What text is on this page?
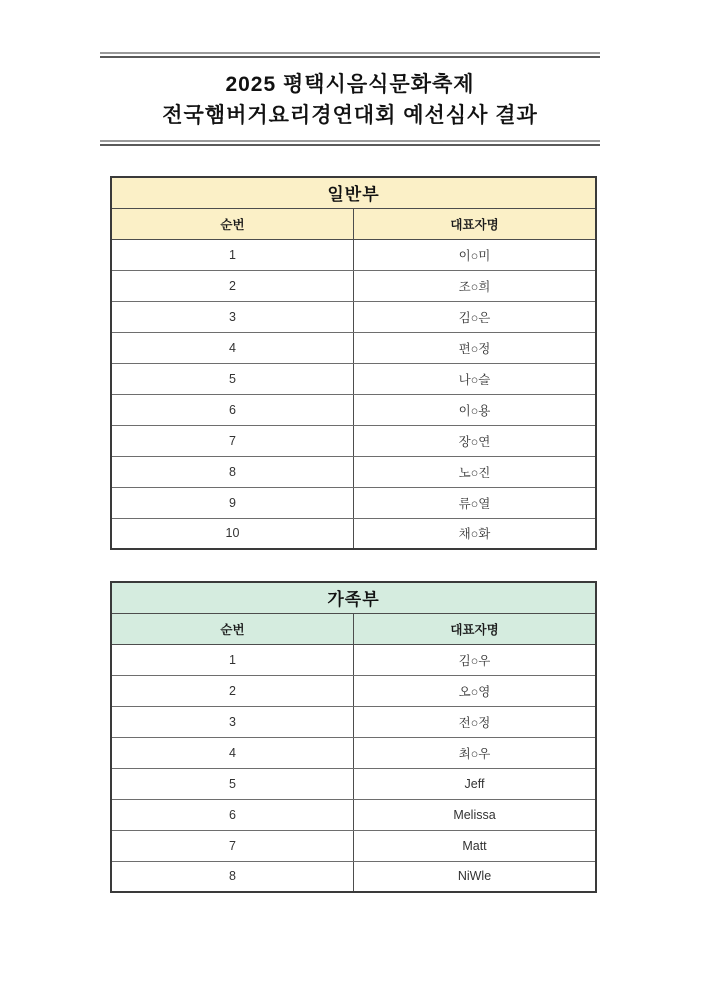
2025 평택시음식문화축제
전국햄버거요리경연대회 예선심사 결과
일반부	
순번	대표자명
1	이○미
2	조○희
3	김○은
4	편○정
5	나○슬
6	이○용
7	장○연
8	노○진
9	류○열
10	채○화
가족부	
순번	대표자명
1	김○우
2	오○영
3	전○정
4	최○우
5	Jeff
6	Melissa
7	Matt
8	NiWle
